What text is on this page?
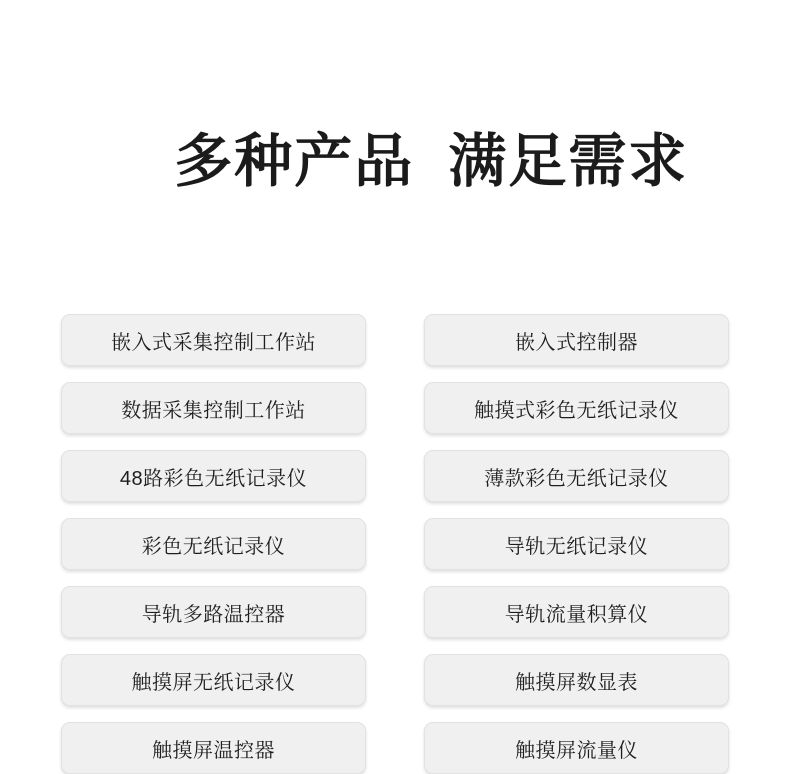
多种产品 满足需求

嵌入式采集控制工作站
数据采集控制工作站
48路彩色无纸记录仪
彩色无纸记录仪
导轨多路温控器
触摸屏无纸记录仪
触摸屏温控器
嵌入式控制器
触摸式彩色无纸记录仪
薄款彩色无纸记录仪
导轨无纸记录仪
导轨流量积算仪
触摸屏数显表
触摸屏流量仪
